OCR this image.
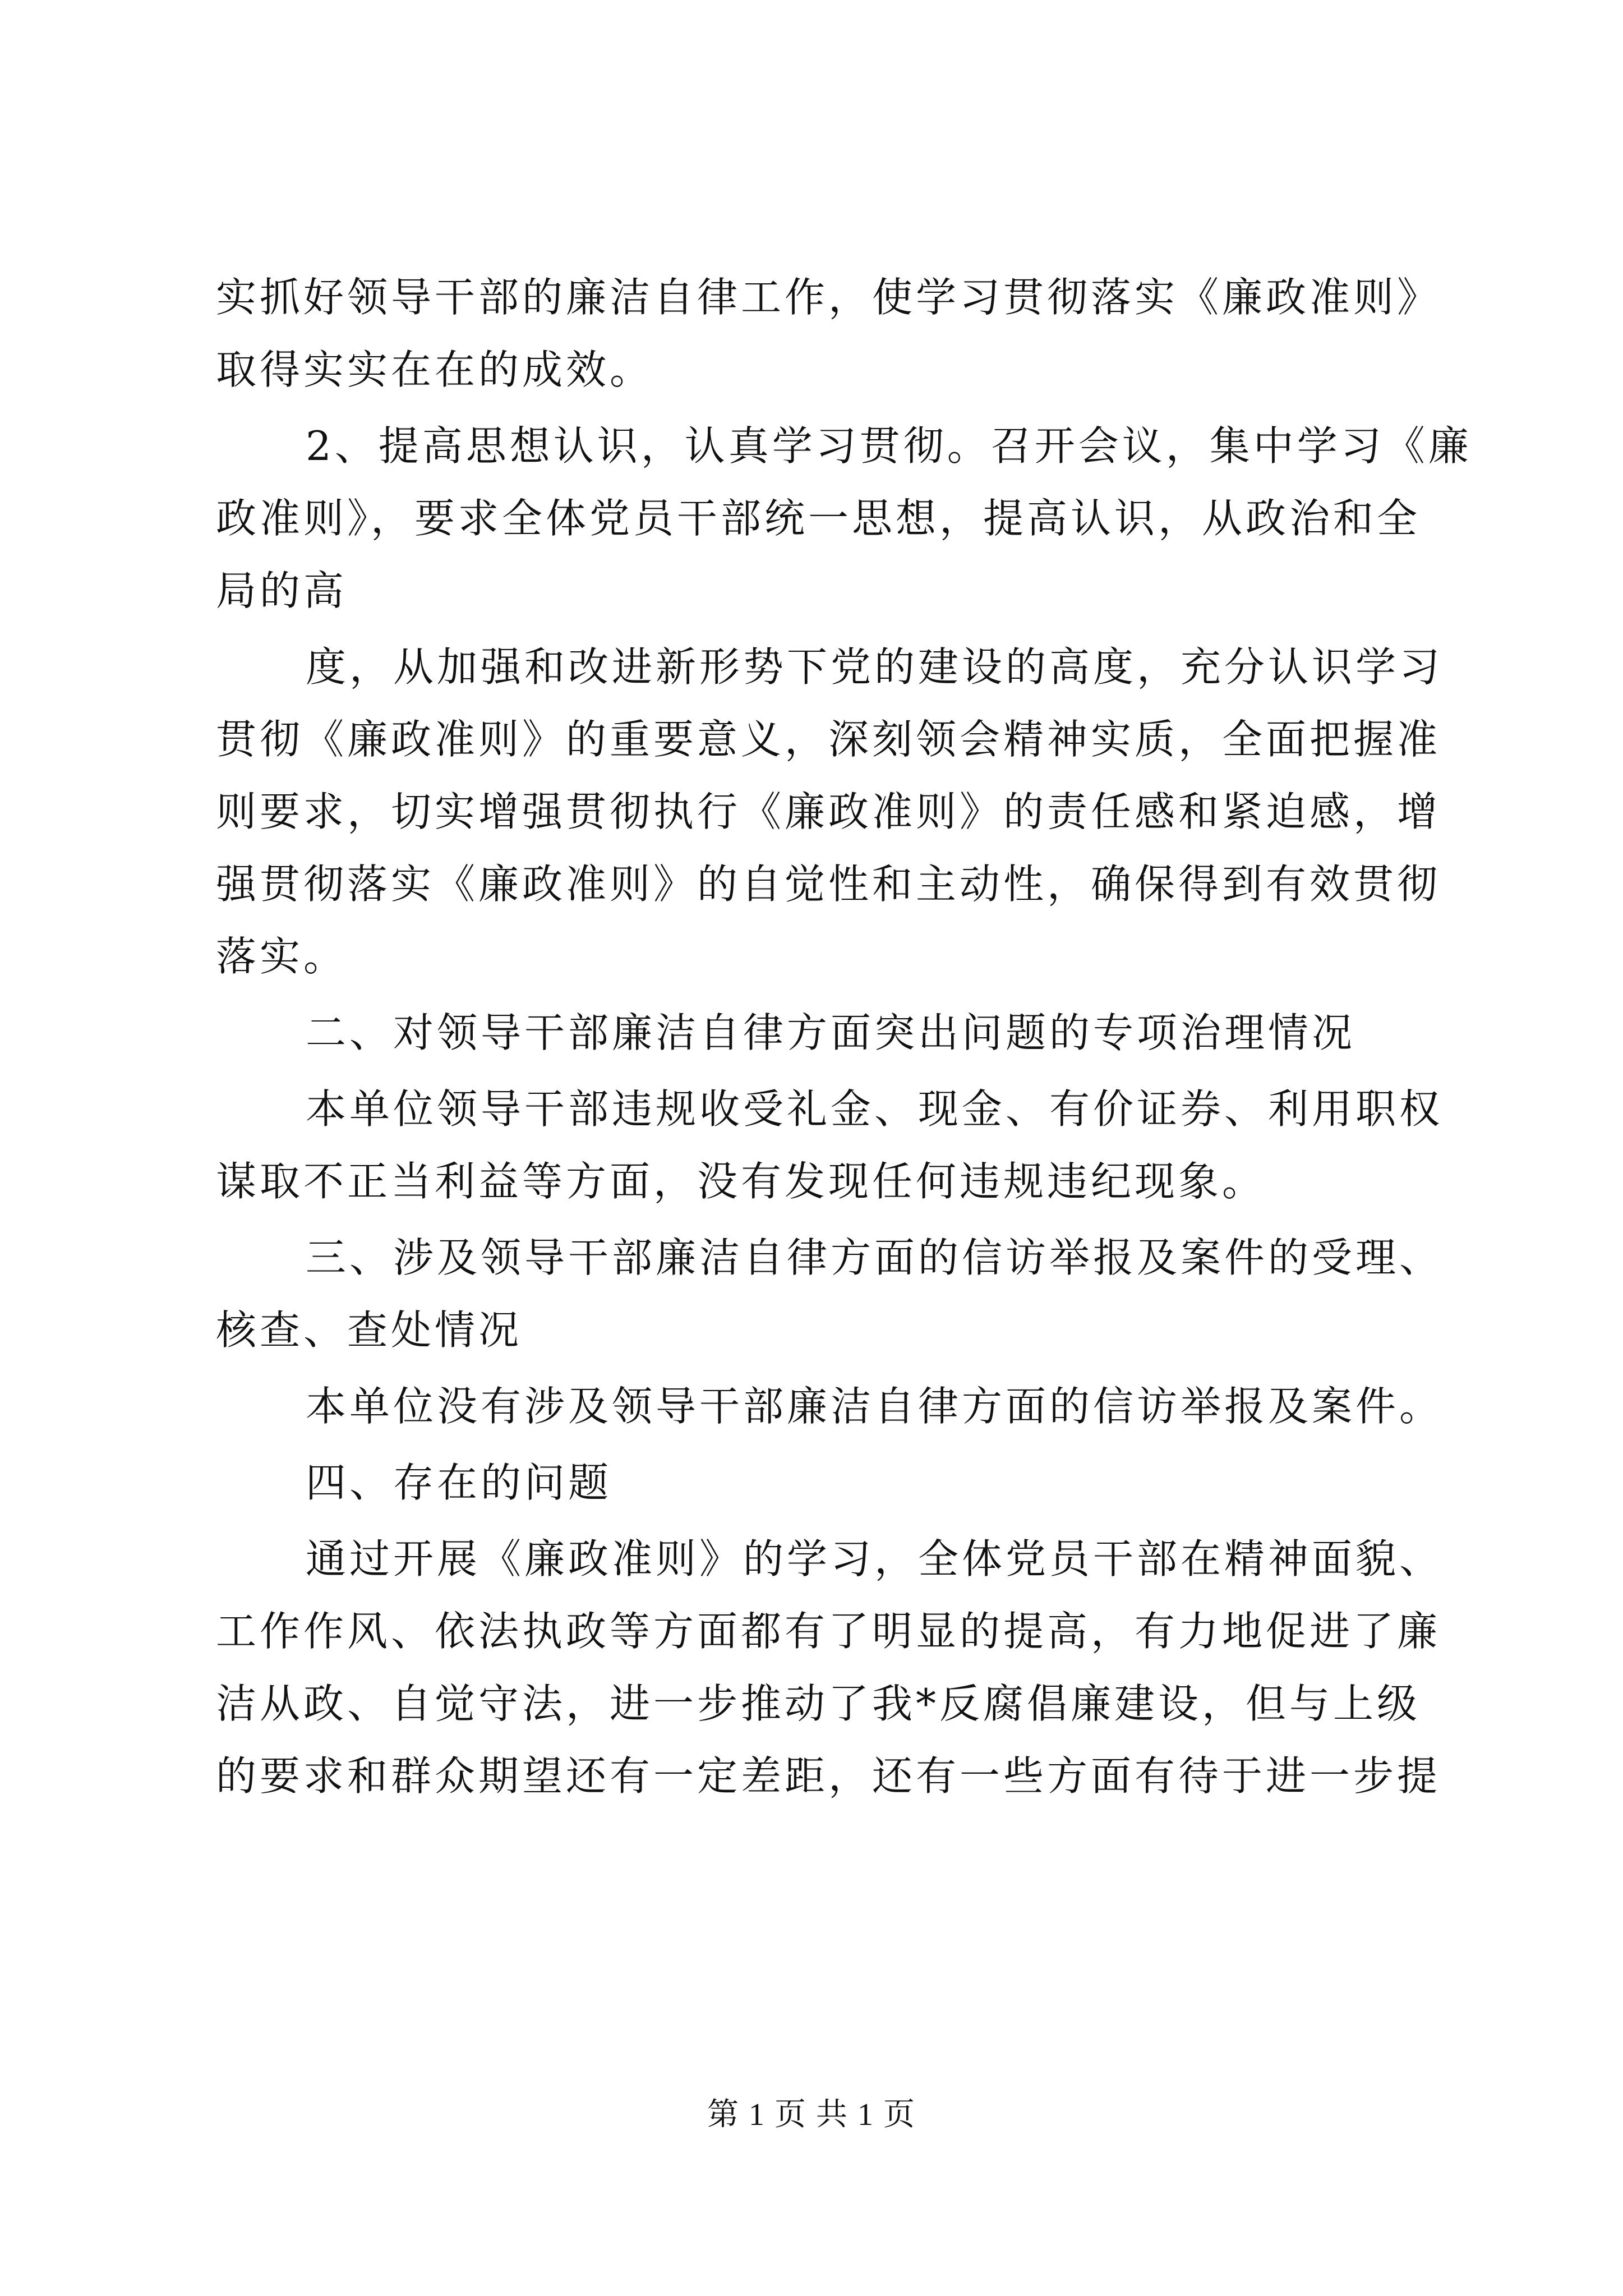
实抓好领导干部的廉洁自律工作，使学习贯彻落实《廉政准则》
取得实实在在的成效。
2、提高思想认识，认真学习贯彻。召开会议，集中学习《廉
政准则》，要求全体党员干部统一思想，提高认识，从政治和全
局的高
度，从加强和改进新形势下党的建设的高度，充分认识学习
贯彻《廉政准则》的重要意义，深刻领会精神实质，全面把握准
则要求，切实增强贯彻执行《廉政准则》的责任感和紧迫感，增
强贯彻落实《廉政准则》的自觉性和主动性，确保得到有效贯彻
落实。
二、对领导干部廉洁自律方面突出问题的专项治理情况
本单位领导干部违规收受礼金、现金、有价证券、利用职权
谋取不正当利益等方面，没有发现任何违规违纪现象。
三、涉及领导干部廉洁自律方面的信访举报及案件的受理、
核查、查处情况
本单位没有涉及领导干部廉洁自律方面的信访举报及案件。
四、存在的问题
通过开展《廉政准则》的学习，全体党员干部在精神面貌、
工作作风、依法执政等方面都有了明显的提高，有力地促进了廉
洁从政、自觉守法，进一步推动了我*反腐倡廉建设，但与上级
的要求和群众期望还有一定差距，还有一些方面有待于进一步提
第 1 页 共 1 页
